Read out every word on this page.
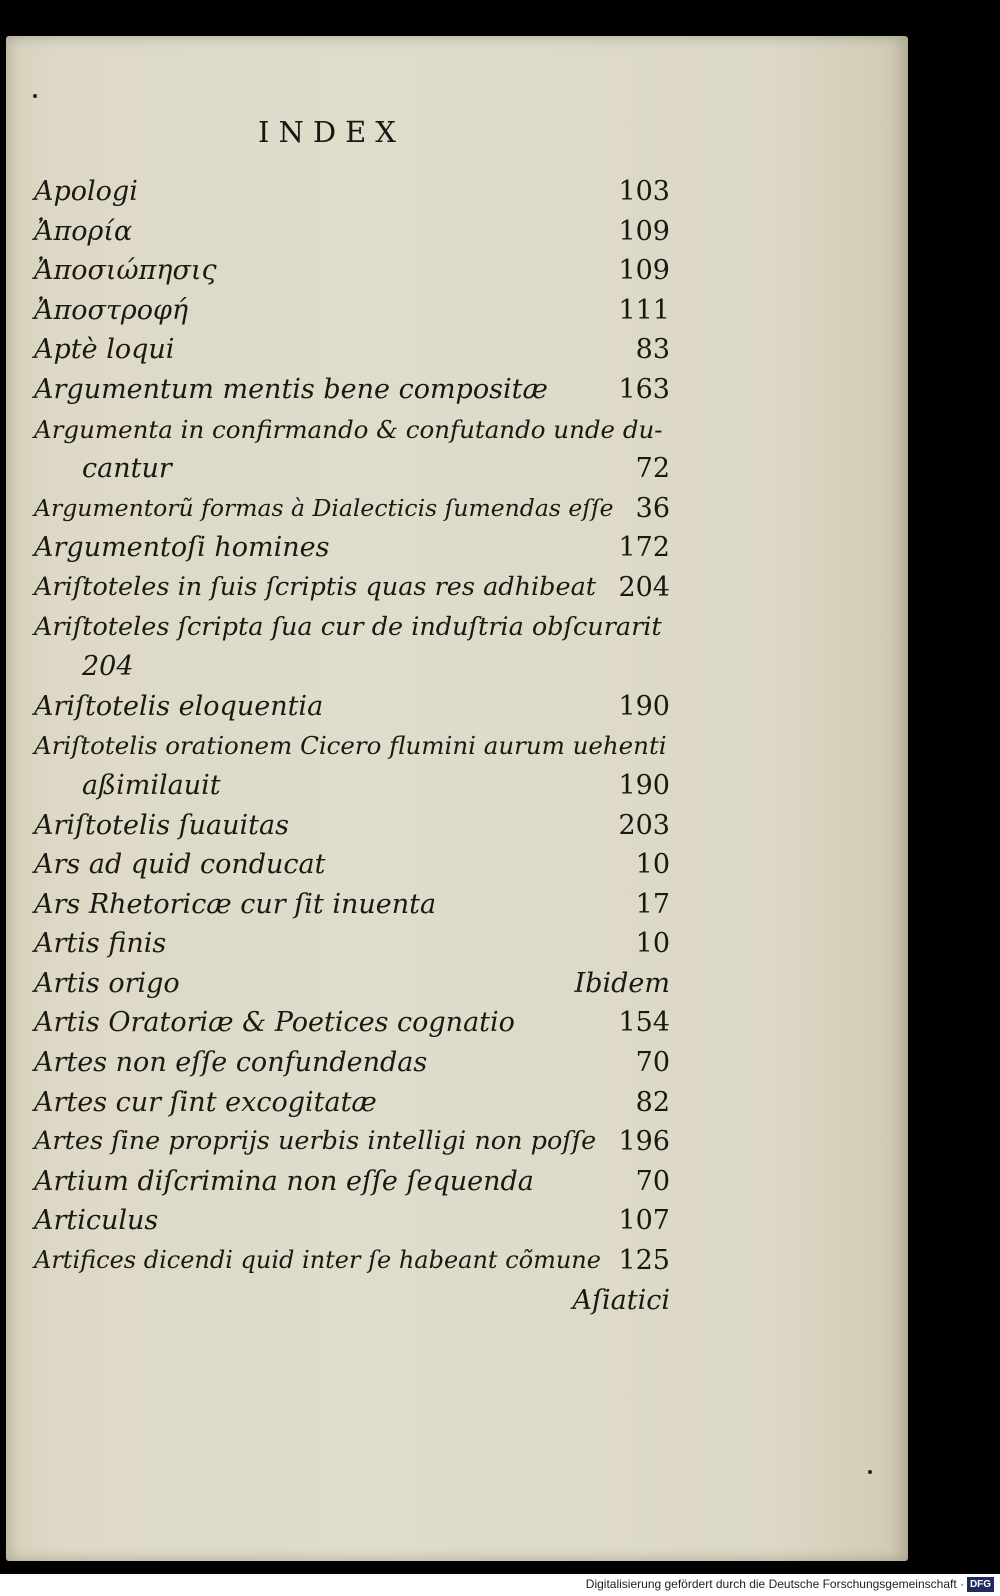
INDEX
Apologi	103
Ἀπορία	109
Ἀποσιώπησις	109
Ἀποστροφή	111
Aptè loqui	83
Argumentum mentis bene compositæ	163
Argumenta in confirmando & confutando unde du-
cantur	72
Argumentorũ formas à Dialecticis ſumendas eſſe 36
Argumentoſi homines	172
Ariſtoteles in ſuis ſcriptis quas res adhibeat 204
Ariſtoteles ſcripta ſua cur de induſtria obſcurarit
204
Ariſtotelis eloquentia	190
Ariſtotelis orationem Cicero flumini aurum uehenti
aßimilauit	190
Ariſtotelis ſuauitas	203
Ars ad quid conducat	10
Ars Rhetoricæ cur ſit inuenta	17
Artis finis	10
Artis origo	Ibidem
Artis Oratoriæ & Poetices cognatio	154
Artes non eſſe confundendas	70
Artes cur ſint excogitatæ	82
Artes ſine proprijs uerbis intelligi non poſſe 196
Artium diſcrimina non eſſe ſequenda	70
Articulus	107
Artifices dicendi quid inter ſe habeant cõmune 125
Aſiatici
Digitalisierung gefördert durch die Deutsche Forschungsgemeinschaft · DFG
